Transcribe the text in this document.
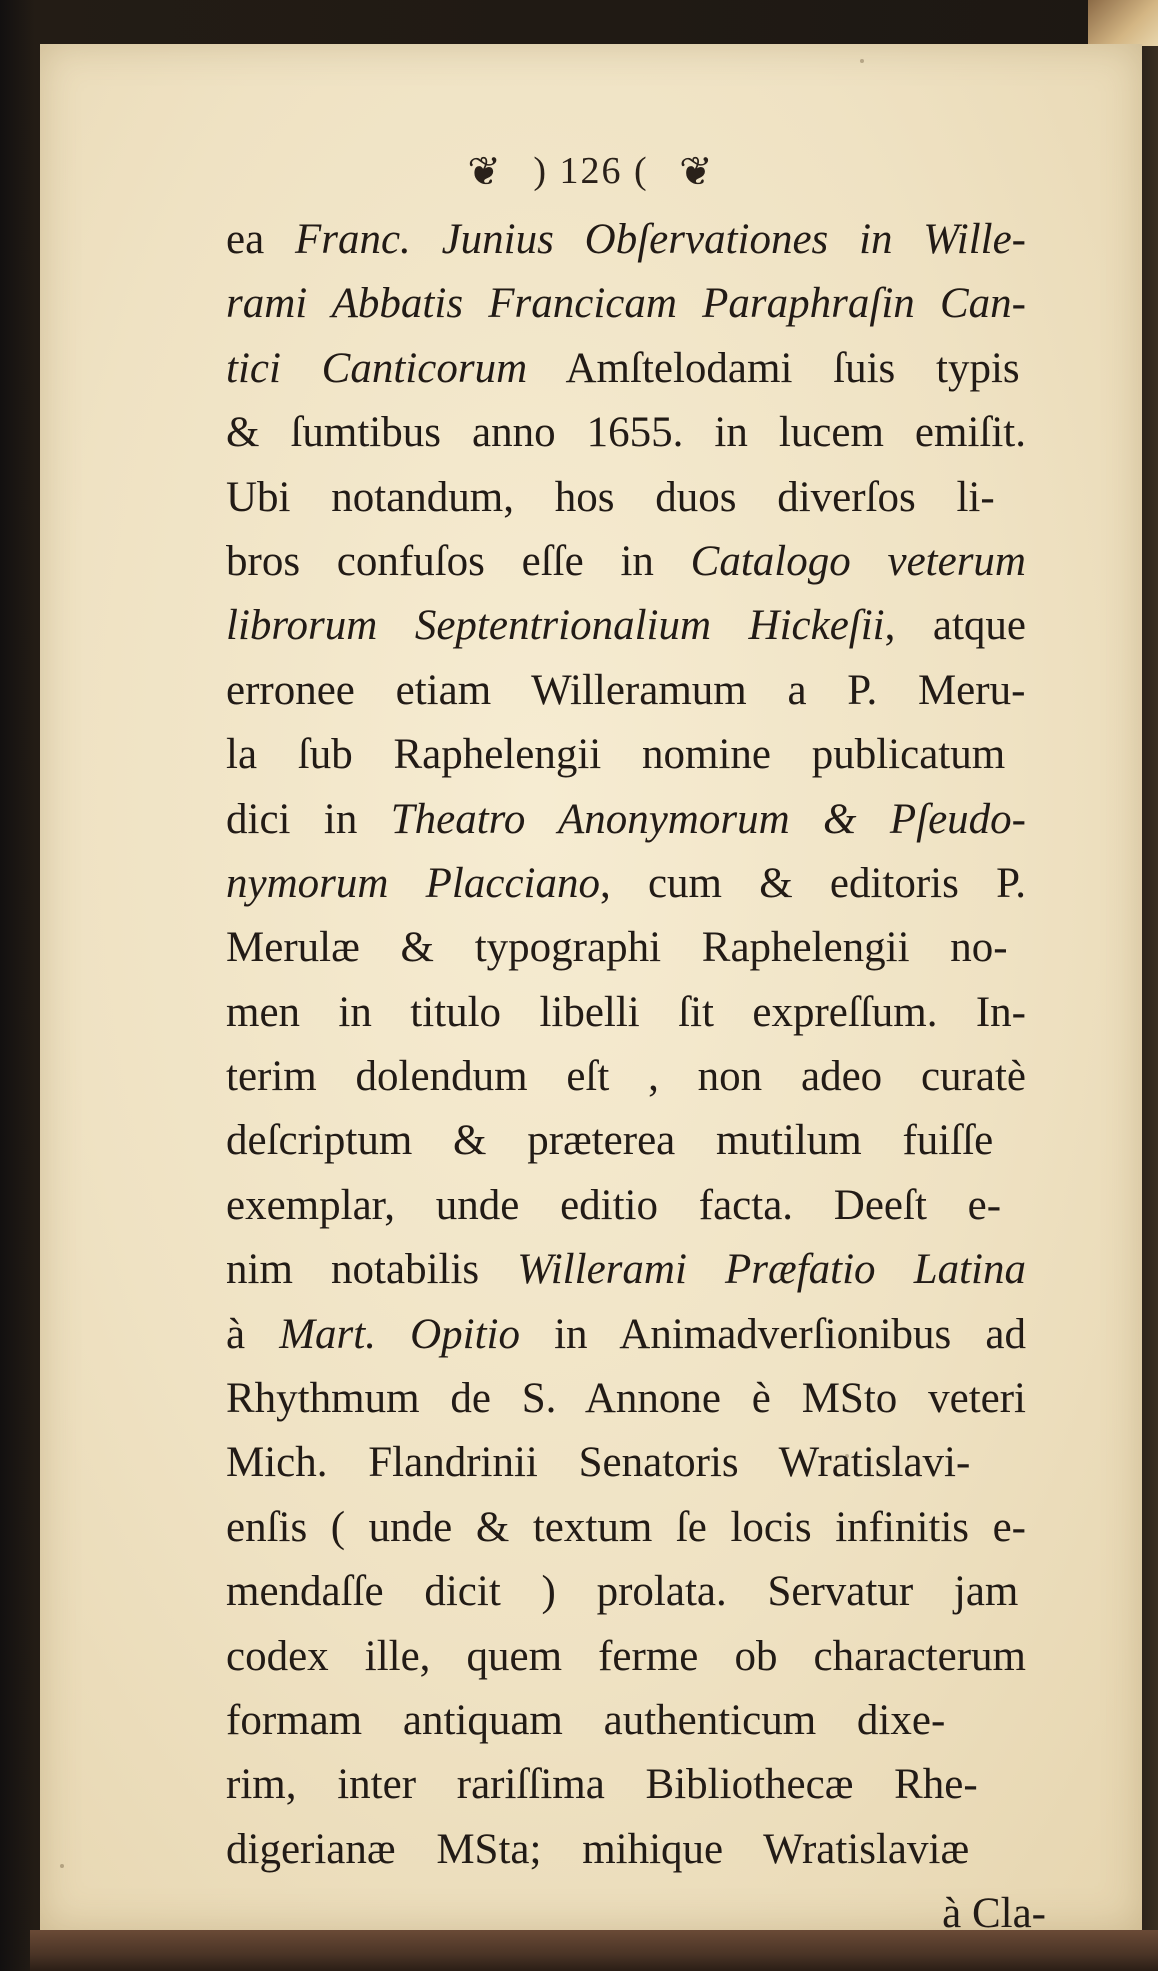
❦ ) 126 ( ❦
ea Franc. Junius Obſervationes in Wille-
rami Abbatis Francicam Paraphraſin Can-
tici Canticorum Amſtelodami ſuis typis
& ſumtibus anno 1655. in lucem emiſit.
Ubi notandum, hos duos diverſos li-
bros confuſos eſſe in Catalogo veterum
librorum Septentrionalium Hickeſii, atque
erronee etiam Willeramum a P. Meru-
la ſub Raphelengii nomine publicatum
dici in Theatro Anonymorum & Pſeudo-
nymorum Placciano, cum & editoris P.
Merulæ & typographi Raphelengii no-
men in titulo libelli ſit expreſſum. In-
terim dolendum eſt , non adeo curatè
deſcriptum & præterea mutilum fuiſſe
exemplar, unde editio facta. Deeſt e-
nim notabilis Willerami Præfatio Latina
à Mart. Opitio in Animadverſionibus ad
Rhythmum de S. Annone è MSto veteri
Mich. Flandrinii Senatoris Wratislavi-
enſis ( unde & textum ſe locis infinitis e-
mendaſſe dicit ) prolata. Servatur jam
codex ille, quem ferme ob characterum
formam antiquam authenticum dixe-
rim, inter rariſſima Bibliothecæ Rhe-
digerianæ MSta; mihique Wratislaviæ
à Cla-
